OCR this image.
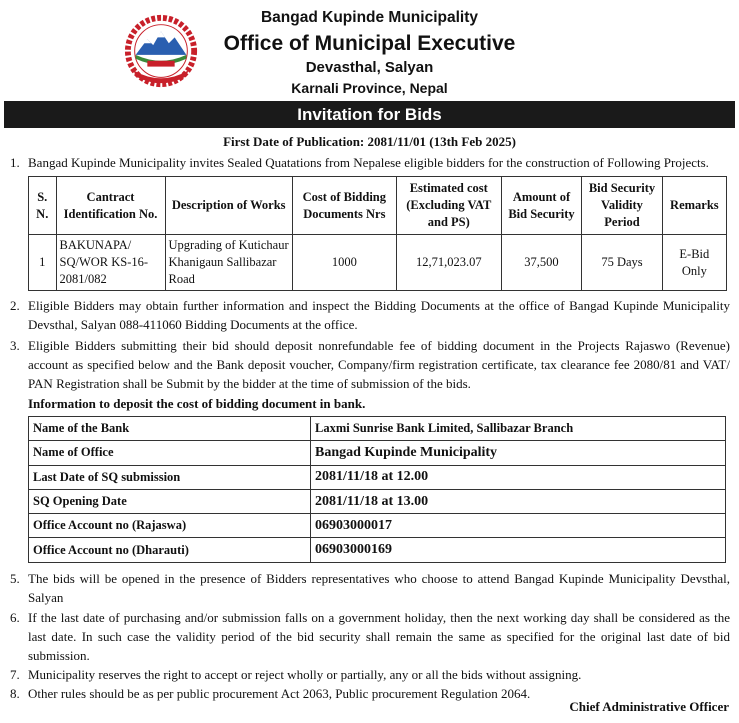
Bangad Kupinde Municipality
Office of Municipal Executive
Devasthal, Salyan
Karnali Province, Nepal
Invitation for Bids
First Date of Publication: 2081/11/01 (13th Feb 2025)
1. Bangad Kupinde Municipality invites Sealed Quatations from Nepalese eligible bidders for the construction of Following Projects.
S. N.	Cantract Identification No.	Description of Works	Cost of Bidding Documents Nrs	Estimated cost (Excluding VAT and PS)	Amount of Bid Security	Bid Security Validity Period	Remarks
1	BAKUNAPA/ SQ/WOR KS-16-2081/082	Upgrading of Kutichaur Khanigaun Sallibazar Road	1000	12,71,023.07	37,500	75 Days	E-Bid Only
2. Eligible Bidders may obtain further information and inspect the Bidding Documents at the office of Bangad Kupinde Municipality Devsthal, Salyan 088-411060 Bidding Documents at the office.
3. Eligible Bidders submitting their bid should deposit nonrefundable fee of bidding document in the Projects Rajaswo (Revenue) account as specified below and the Bank deposit voucher, Company/firm registration certificate, tax clearance fee 2080/81 and VAT/ PAN Registration shall be Submit by the bidder at the time of submission of the bids.
Information to deposit the cost of bidding document in bank.
Name of the Bank	Laxmi Sunrise Bank Limited, Sallibazar Branch
Name of Office	Bangad Kupinde Municipality
Last Date of SQ submission	2081/11/18 at 12.00
SQ Opening Date	2081/11/18 at 13.00
Office Account no (Rajaswa)	06903000017
Office Account no (Dharauti)	06903000169
5. The bids will be opened in the presence of Bidders representatives who choose to attend Bangad Kupinde Municipality Devsthal, Salyan
6. If the last date of purchasing and/or submission falls on a government holiday, then the next working day shall be considered as the last date. In such case the validity period of the bid security shall remain the same as specified for the original last date of bid submission.
7. Municipality reserves the right to accept or reject wholly or partially, any or all the bids without assigning.
8. Other rules should be as per public procurement Act 2063, Public procurement Regulation 2064.
Chief Administrative Officer
